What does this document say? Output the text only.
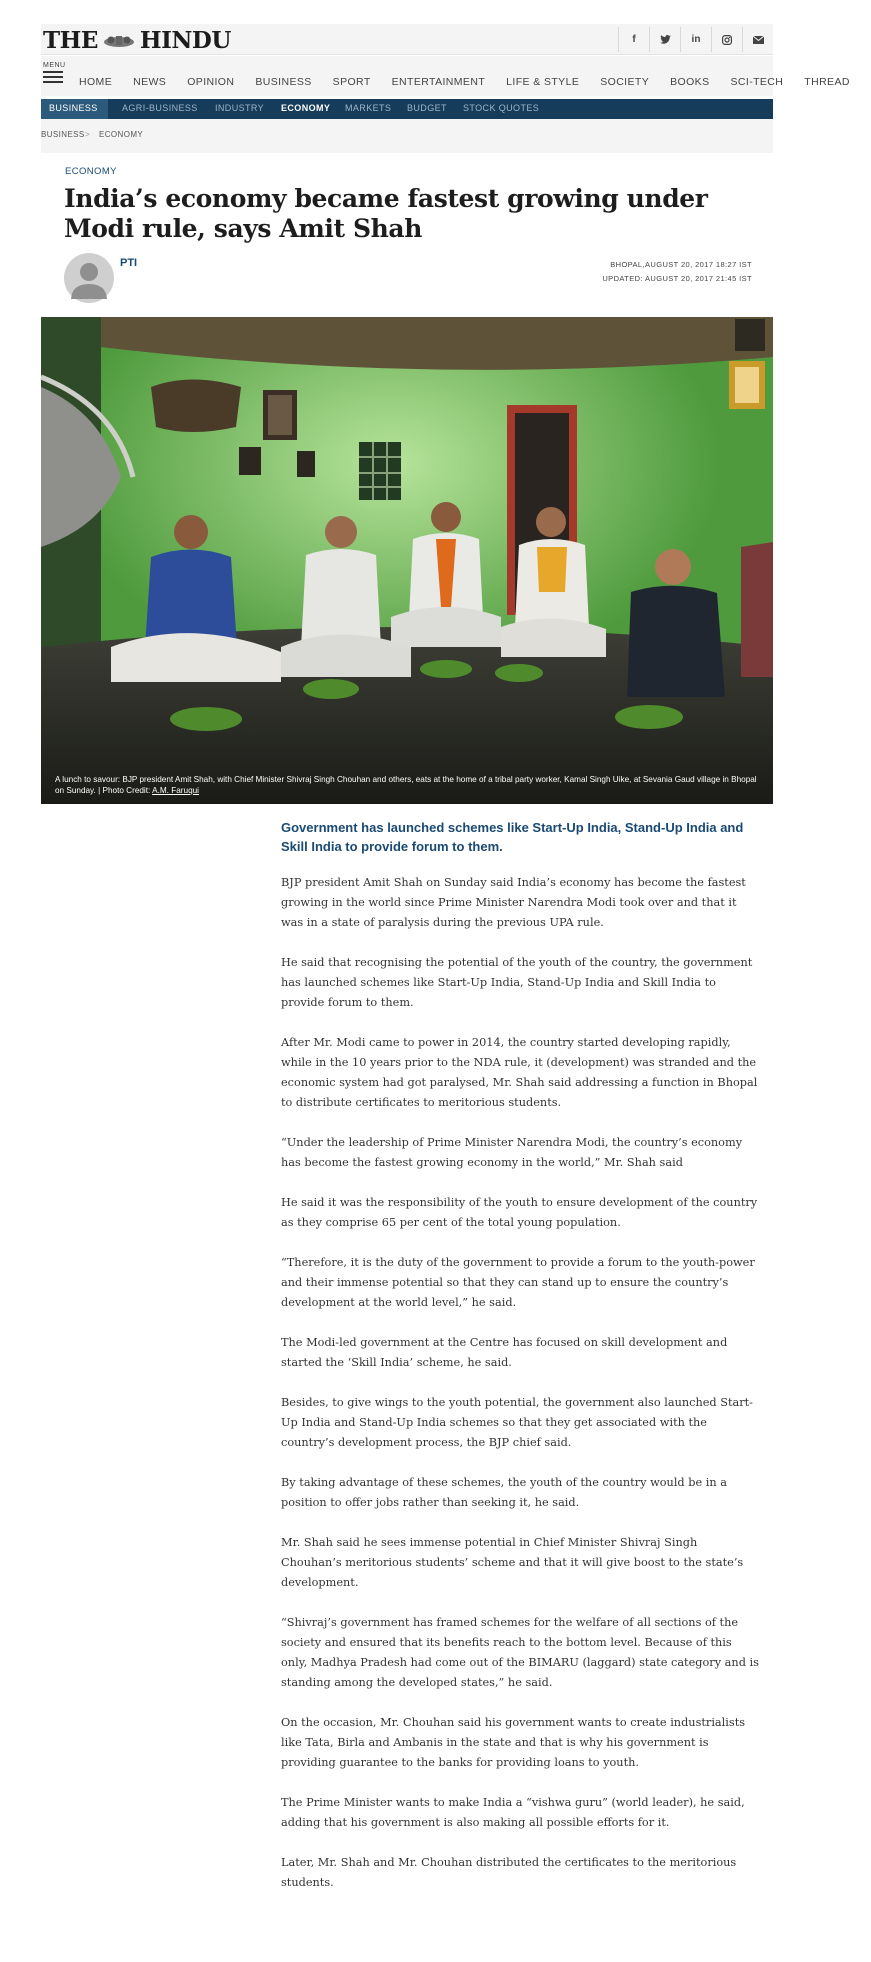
THE HINDU	f	in
MENU
HOME NEWS OPINION BUSINESS SPORT ENTERTAINMENT LIFE & STYLE SOCIETY BOOKS SCI-TECH THREAD
BUSINESS	AGRI-BUSINESS INDUSTRY ECONOMY MARKETS BUDGET STOCK QUOTES
BUSINESS > ECONOMY
ECONOMY
India’s economy became fastest growing under Modi rule, says Amit Shah
PTI	BHOPAL,AUGUST 20, 2017 18:27 IST
UPDATED: AUGUST 20, 2017 21:45 IST
A lunch to savour: BJP president Amit Shah, with Chief Minister Shivraj Singh Chouhan and others, eats at the home of a tribal party worker, Kamal Singh Uike, at Sevania Gaud village in Bhopal on Sunday. | Photo Credit: A.M. Faruqui
Government has launched schemes like Start-Up India, Stand-Up India and Skill India to provide forum to them.

BJP president Amit Shah on Sunday said India’s economy has become the fastest growing in the world since Prime Minister Narendra Modi took over and that it was in a state of paralysis during the previous UPA rule.

He said that recognising the potential of the youth of the country, the government has launched schemes like Start-Up India, Stand-Up India and Skill India to provide forum to them.

After Mr. Modi came to power in 2014, the country started developing rapidly, while in the 10 years prior to the NDA rule, it (development) was stranded and the economic system had got paralysed, Mr. Shah said addressing a function in Bhopal to distribute certificates to meritorious students.

“Under the leadership of Prime Minister Narendra Modi, the country’s economy has become the fastest growing economy in the world,” Mr. Shah said

He said it was the responsibility of the youth to ensure development of the country as they comprise 65 per cent of the total young population.

“Therefore, it is the duty of the government to provide a forum to the youth-power and their immense potential so that they can stand up to ensure the country’s development at the world level,” he said.

The Modi-led government at the Centre has focused on skill development and started the ‘Skill India’ scheme, he said.

Besides, to give wings to the youth potential, the government also launched Start-Up India and Stand-Up India schemes so that they get associated with the country’s development process, the BJP chief said.

By taking advantage of these schemes, the youth of the country would be in a position to offer jobs rather than seeking it, he said.

Mr. Shah said he sees immense potential in Chief Minister Shivraj Singh Chouhan’s meritorious students’ scheme and that it will give boost to the state’s development.

“Shivraj’s government has framed schemes for the welfare of all sections of the society and ensured that its benefits reach to the bottom level. Because of this only, Madhya Pradesh had come out of the BIMARU (laggard) state category and is standing among the developed states,” he said.

On the occasion, Mr. Chouhan said his government wants to create industrialists like Tata, Birla and Ambanis in the state and that is why his government is providing guarantee to the banks for providing loans to youth.

The Prime Minister wants to make India a “vishwa guru” (world leader), he said, adding that his government is also making all possible efforts for it.

Later, Mr. Shah and Mr. Chouhan distributed the certificates to the meritorious students.
